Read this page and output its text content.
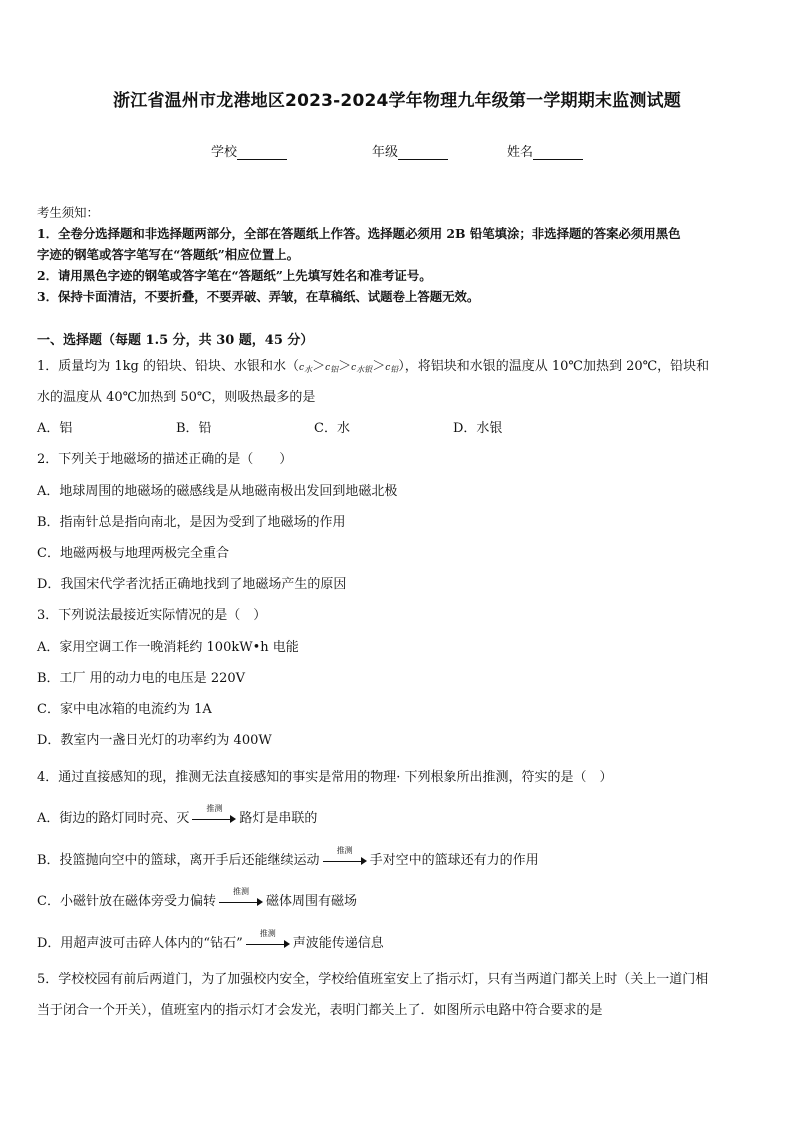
浙江省温州市龙港地区2023-2024学年物理九年级第一学期期末监测试题
学校	年级	姓名
考生须知：
1．全卷分选择题和非选择题两部分，全部在答题纸上作答。选择题必须用 2B 铅笔填涂；非选择题的答案必须用黑色
字迹的钢笔或答字笔写在“答题纸”相应位置上。
2．请用黑色字迹的钢笔或答字笔在“答题纸”上先填写姓名和准考证号。
3．保持卡面清洁，不要折叠，不要弄破、弄皱，在草稿纸、试题卷上答题无效。
一、选择题（每题 1.5 分，共 30 题，45 分）
1．质量均为 1kg 的铅块、铅块、水银和水$(c_水>c_铝>c_{水银}>c_铅)$，将铝块和水银的温度从 10℃加热到 20℃，铅块和
水的温度从 40℃加热到 50℃，则吸热最多的是
A．铝	B．铅	C．水	D．水银
2．下列关于地磁场的描述正确的是（　　）
A．地球周围的地磁场的磁感线是从地磁南极出发回到地磁北极
B．指南针总是指向南北，是因为受到了地磁场的作用
C．地磁两极与地理两极完全重合
D．我国宋代学者沈括正确地找到了地磁场产生的原因
3．下列说法最接近实际情况的是（　）
A．家用空调工作一晚消耗约 100kW•h 电能
B．工厂 用的动力电的电压是 220V
C．家中电冰箱的电流约为 1A
D．教室内一盏日光灯的功率约为 400W
4．通过直接感知的现，推测无法直接感知的事实是常用的物理· 下列根象所出推测，符实的是（　）
A．街边的路灯同时亮、灭
推测
路灯是串联的
B．投篮抛向空中的篮球，离开手后还能继续运动
推测
手对空中的篮球还有力的作用
C．小磁针放在磁体旁受力偏转
推测
磁体周围有磁场
D．用超声波可击碎人体内的“钻石”
推测
声波能传递信息
5．学校校园有前后两道门，为了加强校内安全，学校给值班室安上了指示灯，只有当两道门都关上时（关上一道门相
当于闭合一个开关），值班室内的指示灯才会发光，表明门都关上了．如图所示电路中符合要求的是
